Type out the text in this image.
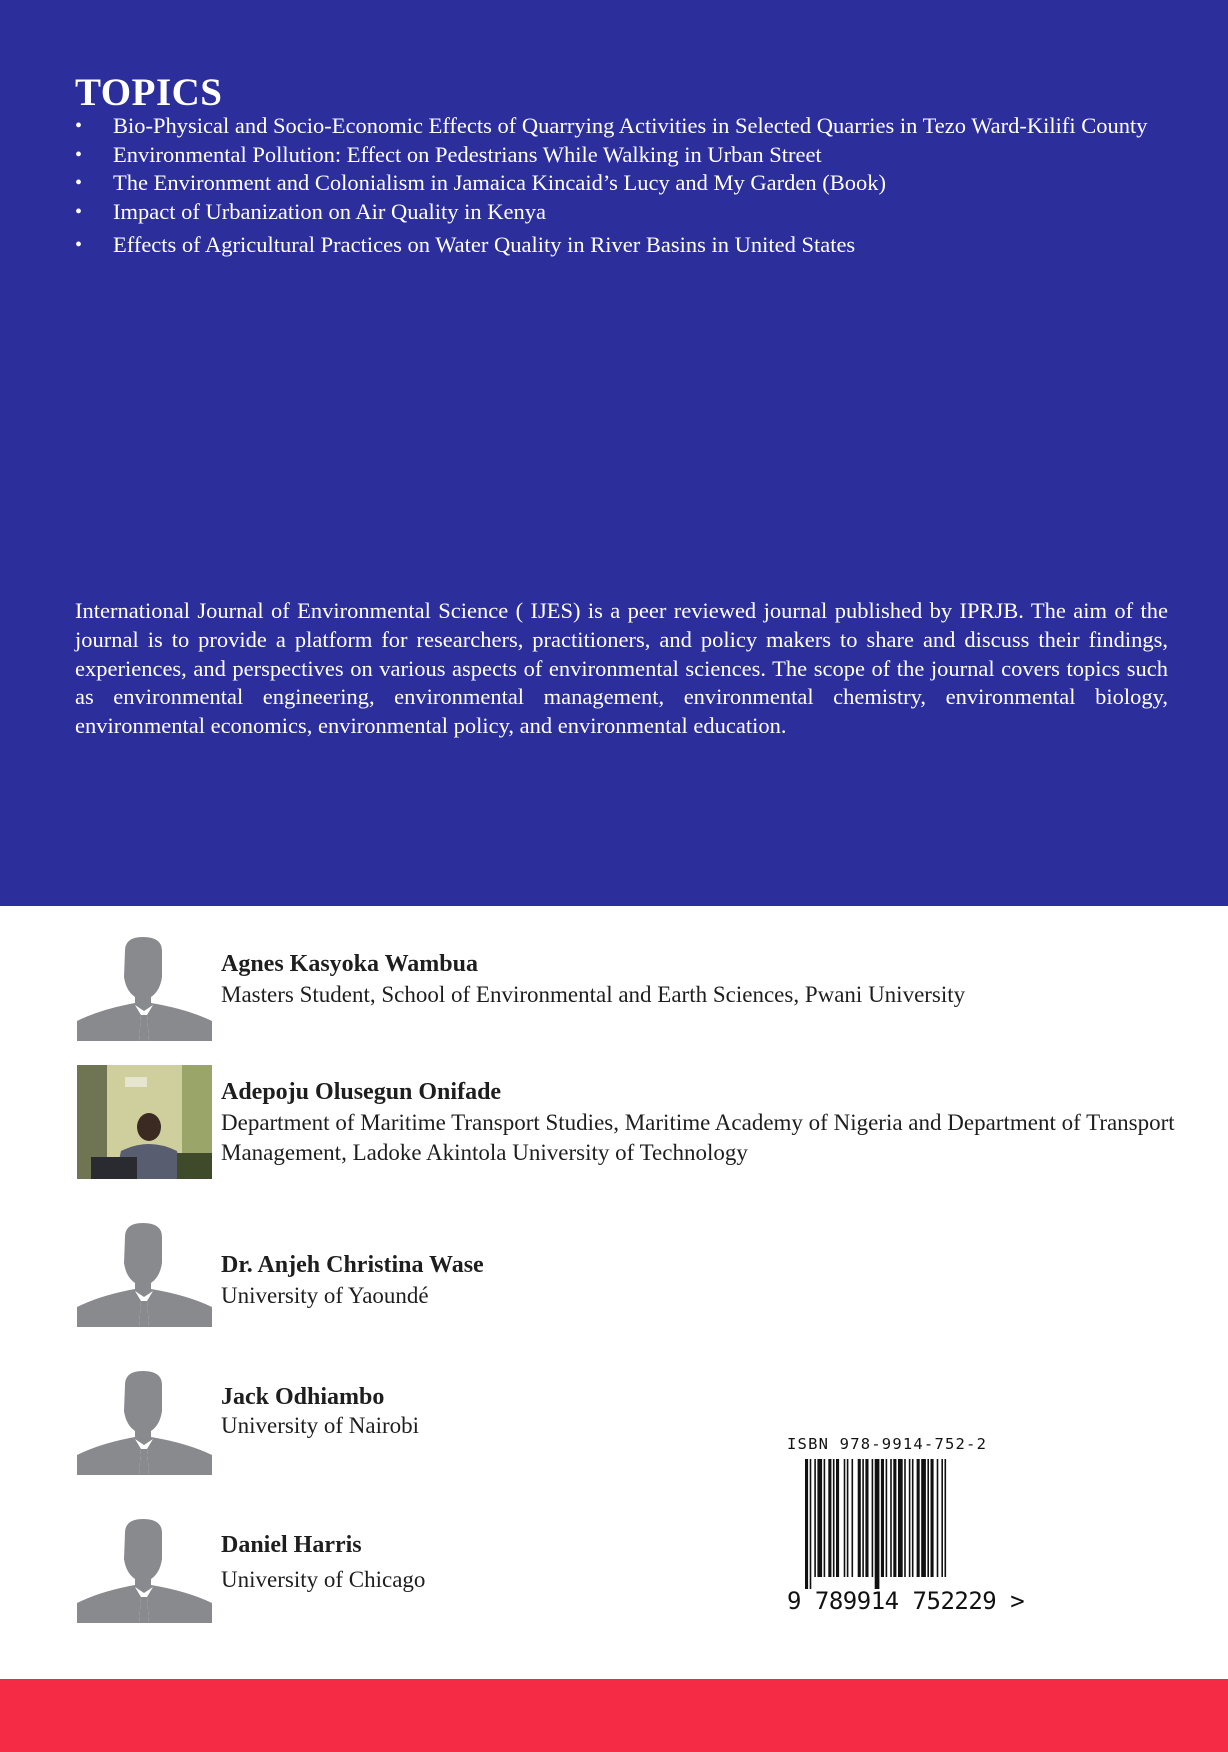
TOPICS
• Bio-Physical and Socio-Economic Effects of Quarrying Activities in Selected Quarries in Tezo Ward-Kilifi County
• Environmental Pollution: Effect on Pedestrians While Walking in Urban Street
• The Environment and Colonialism in Jamaica Kincaid’s Lucy and My Garden (Book)
• Impact of Urbanization on Air Quality in Kenya
• Effects of Agricultural Practices on Water Quality in River Basins in United States

International Journal of Environmental Science ( IJES) is a peer reviewed journal published by IPRJB. The aim of the journal is to provide a platform for researchers, practitioners, and policy makers to share and discuss their findings, experiences, and perspectives on various aspects of environmental sciences. The scope of the journal covers topics such as environmental engineering, environmental management, environmental chemistry, environmental biology, environmental economics, environmental policy, and environmental education.

Agnes Kasyoka Wambua
Masters Student, School of Environmental and Earth Sciences, Pwani University
Adepoju Olusegun Onifade
Department of Maritime Transport Studies, Maritime Academy of Nigeria and Department of Transport Management, Ladoke Akintola University of Technology
Dr. Anjeh Christina Wase
University of Yaoundé
Jack Odhiambo
University of Nairobi
Daniel Harris
University of Chicago
ISBN 978-9914-752-2
9 789914 752229 >
